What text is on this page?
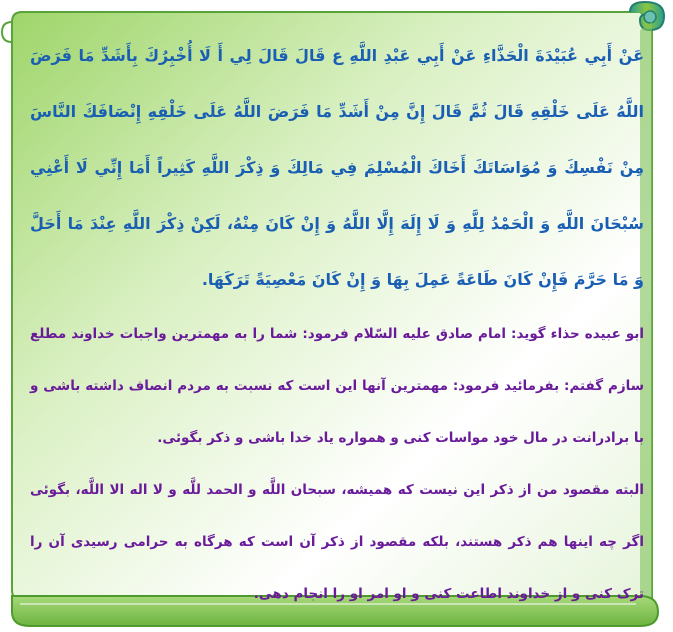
عَنْ أَبِي عُبَيْدَةَ الْحَذَّاءِ عَنْ أَبِي عَبْدِ اللَّهِ ع قَالَ قَالَ لِي أَ لَا أُخْبِرُكَ بِأَشَدِّ مَا فَرَضَ اللَّهُ عَلَى خَلْقِهِ قَالَ ثُمَّ قَالَ إِنَّ مِنْ أَشَدِّ مَا فَرَضَ اللَّهُ عَلَى خَلْقِهِ إِنْصَافَكَ النَّاسَ مِنْ نَفْسِكَ وَ مُوَاسَاتَكَ أَخَاكَ الْمُسْلِمَ فِي مَالِكَ وَ ذِكْرَ اللَّهِ كَثِيراً أَمَا إِنِّي لَا أَعْنِي سُبْحَانَ اللَّهِ وَ الْحَمْدُ لِلَّهِ وَ لَا إِلَهَ إِلَّا اللَّهُ وَ إِنْ كَانَ مِنْهُ، لَكِنْ ذِكْرَ اللَّهِ عِنْدَ مَا أَحَلَّ وَ مَا حَرَّمَ فَإِنْ كَانَ طَاعَةً عَمِلَ بِهَا وَ إِنْ كَانَ مَعْصِيَةً تَرَكَهَا.

ابو عبیده حذاء گوید: امام صادق علیه السّلام فرمود: شما را به مهمترین واجبات خداوند مطلع سازم گفتم: بفرمائید فرمود: مهمترین آنها این است که نسبت به مردم انصاف داشته باشی و با برادرانت در مال خود مواسات کنی و همواره یاد خدا باشی و ذکر بگوئی.

البته مقصود من از ذکر این نیست که همیشه، سبحان اللَّه و الحمد للَّه و لا اله الا اللَّه، بگوئی اگر چه اینها هم ذکر هستند، بلکه مقصود از ذکر آن است که هرگاه به حرامی رسیدی آن را ترک کنی و از خداوند اطاعت کنی و او امر او را انجام دهی.
